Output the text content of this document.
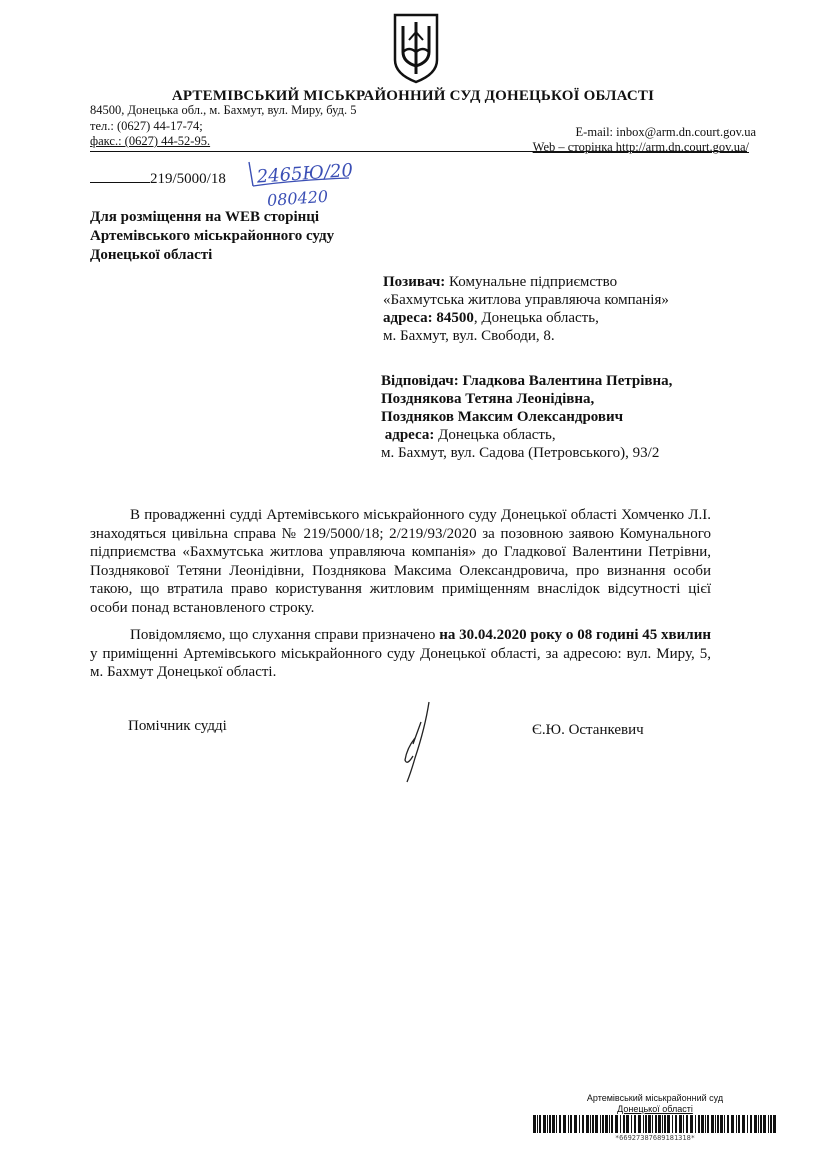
АРТЕМІВСЬКИЙ МІСЬКРАЙОННИЙ СУД ДОНЕЦЬКОЇ ОБЛАСТІ
84500, Донецька обл., м. Бахмут, вул. Миру, буд. 5
тел.: (0627) 44-17-74;
факс.: (0627) 44-52-95.
E-mail: inbox@arm.dn.court.gov.ua
Web – сторінка http://arm.dn.court.gov.ua/
219/5000/18 2465Ю/20
080420
Для розміщення на WEB сторінці
Артемівського міськрайонного суду
Донецької області
Позивач: Комунальне підприємство
«Бахмутська житлова управляюча компанія»
адреса: 84500, Донецька область,
м. Бахмут, вул. Свободи, 8.
Відповідач: Гладкова Валентина Петрівна,
Позднякова Тетяна Леонідівна,
Поздняков Максим Олександрович
адреса: Донецька область,
м. Бахмут, вул. Садова (Петровського), 93/2
В провадженні судді Артемівського міськрайонного суду Донецької області Хомченко Л.І. знаходяться цивільна справа № 219/5000/18; 2/219/93/2020 за позовною заявою Комунального підприємства «Бахмутська житлова управляюча компанія» до Гладкової Валентини Петрівни, Позднякової Тетяни Леонідівни, Позднякова Максима Олександровича, про визнання особи такою, що втратила право користування житловим приміщенням внаслідок відсутності цієї особи понад встановленого строку.
Повідомляємо, що слухання справи призначено на 30.04.2020 року о 08 годині 45 хвилин у приміщенні Артемівського міськрайонного суду Донецької області, за адресою: вул. Миру, 5, м. Бахмут Донецької області.
Помічник судді	Є.Ю. Останкевич
Артемівський міськрайонний суд
Донецької області
*66927387689181318*
